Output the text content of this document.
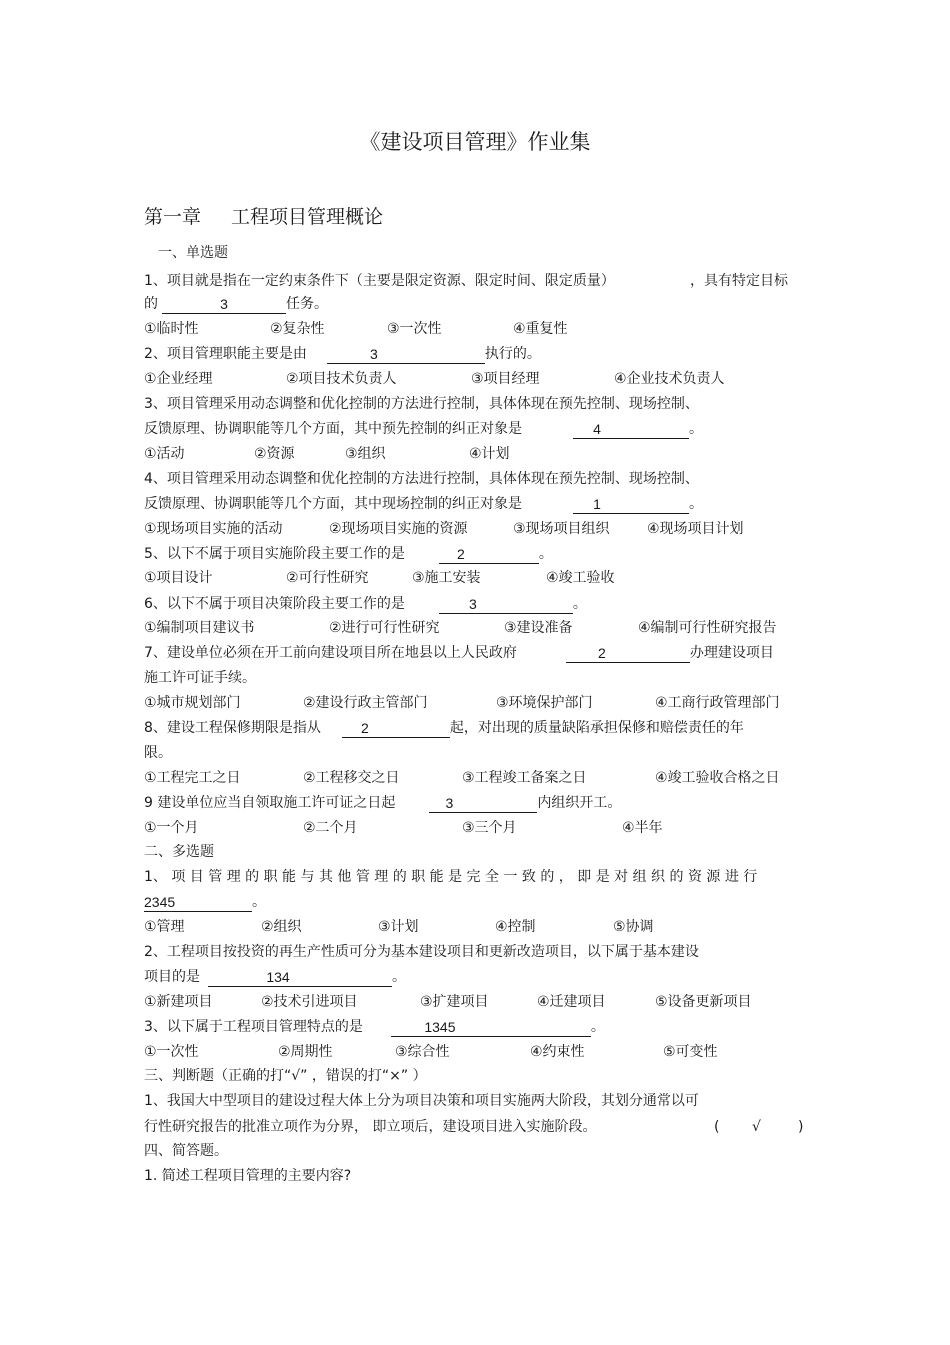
《建设项目管理》作业集
第一章 工程项目管理概论
一、单选题
1、项目就是指在一定约束条件下（主要是限定资源、限定时间、限定质量）	，具有特定目标
的	3	任务。
①临时性	②复杂性	③一次性	④重复性
2、项目管理职能主要是由	3	执行的。
①企业经理	②项目技术负责人	③项目经理	④企业技术负责人
3、项目管理采用动态调整和优化控制的方法进行控制，具体体现在预先控制、现场控制、
反馈原理、协调职能等几个方面，其中预先控制的纠正对象是	4	。
①活动	②资源	③组织	④计划
4、项目管理采用动态调整和优化控制的方法进行控制，具体体现在预先控制、现场控制、
反馈原理、协调职能等几个方面，其中现场控制的纠正对象是	1	。
①现场项目实施的活动	②现场项目实施的资源	③现场项目组织	④现场项目计划
5、以下不属于项目实施阶段主要工作的是	2	。
①项目设计	②可行性研究	③施工安装	④竣工验收
6、以下不属于项目决策阶段主要工作的是	3	。
①编制项目建议书	②进行可行性研究	③建设准备	④编制可行性研究报告
7、建设单位必须在开工前向建设项目所在地县以上人民政府	2	办理建设项目
施工许可证手续。
①城市规划部门	②建设行政主管部门	③环境保护部门	④工商行政管理部门
8、建设工程保修期限是指从	2	起，对出现的质量缺陷承担保修和赔偿责任的年
限。
①工程完工之日	②工程移交之日	③工程竣工备案之日	④竣工验收合格之日
9 建设单位应当自领取施工许可证之日起	3	内组织开工。
①一个月	②二个月	③三个月	④半年
二、多选题
1、 项 目 管 理 的 职 能 与 其 他 管 理 的 职 能 是 完 全 一 致 的 ， 即 是 对 组 织 的 资 源 进 行
2345	。
①管理	②组织	③计划	④控制	⑤协调
2、工程项目按投资的再生产性质可分为基本建设项目和更新改造项目，以下属于基本建设
项目的是	134	。
①新建项目	②技术引进项目	③扩建项目	④迁建项目	⑤设备更新项目
3、以下属于工程项目管理特点的是	1345	。
①一次性	②周期性	③综合性	④约束性	⑤可变性
三、判断题（正确的打“√” ，错误的打“×” ）
1、我国大中型项目的建设过程大体上分为项目决策和项目实施两大阶段，其划分通常以可
行性研究报告的批准立项作为分界， 即立项后，建设项目进入实施阶段。	( √	)
四、简答题。
1. 简述工程项目管理的主要内容?
